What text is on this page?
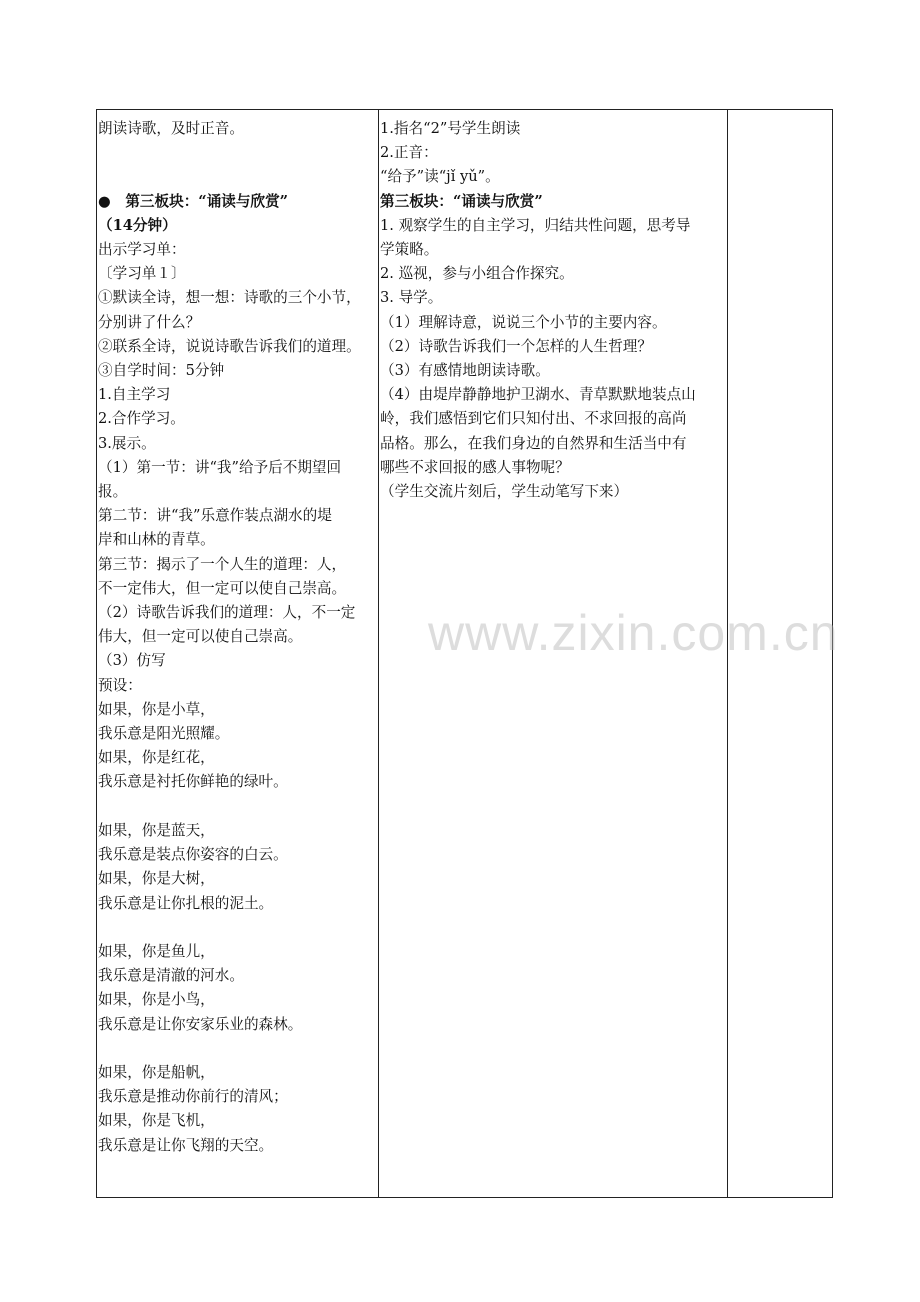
朗读诗歌，及时正音。

●　第三板块：“诵读与欣赏”
（14分钟）
出示学习单：
〔学习单１〕
①默读全诗，想一想：诗歌的三个小节，
分别讲了什么？
②联系全诗，说说诗歌告诉我们的道理。
③自学时间：5分钟
1.自主学习
2.合作学习。
3.展示。
（1）第一节：讲“我”给予后不期望回
报。
第二节：讲“我”乐意作装点湖水的堤
岸和山林的青草。
第三节：揭示了一个人生的道理：人，
不一定伟大，但一定可以使自己崇高。
（2）诗歌告诉我们的道理：人，不一定
伟大，但一定可以使自己崇高。
（3）仿写
预设：
如果，你是小草，
我乐意是阳光照耀。
如果，你是红花，
我乐意是衬托你鲜艳的绿叶。

如果，你是蓝天，
我乐意是装点你姿容的白云。
如果，你是大树，
我乐意是让你扎根的泥土。

如果，你是鱼儿，
我乐意是清澈的河水。
如果，你是小鸟，
我乐意是让你安家乐业的森林。

如果，你是船帆，
我乐意是推动你前行的清风；
如果，你是飞机，
我乐意是让你飞翔的天空。
1.指名“2”号学生朗读
2.正音：
“给予”读“jǐ yǔ”。
第三板块：“诵读与欣赏”
1. 观察学生的自主学习，归结共性问题，思考导
学策略。
2. 巡视，参与小组合作探究。
3. 导学。
（1）理解诗意，说说三个小节的主要内容。
（2）诗歌告诉我们一个怎样的人生哲理？
（3）有感情地朗读诗歌。
（4）由堤岸静静地护卫湖水、青草默默地装点山
岭，我们感悟到它们只知付出、不求回报的高尚
品格。那么，在我们身边的自然界和生活当中有
哪些不求回报的感人事物呢？
（学生交流片刻后，学生动笔写下来）
www.zixin.com.cn
